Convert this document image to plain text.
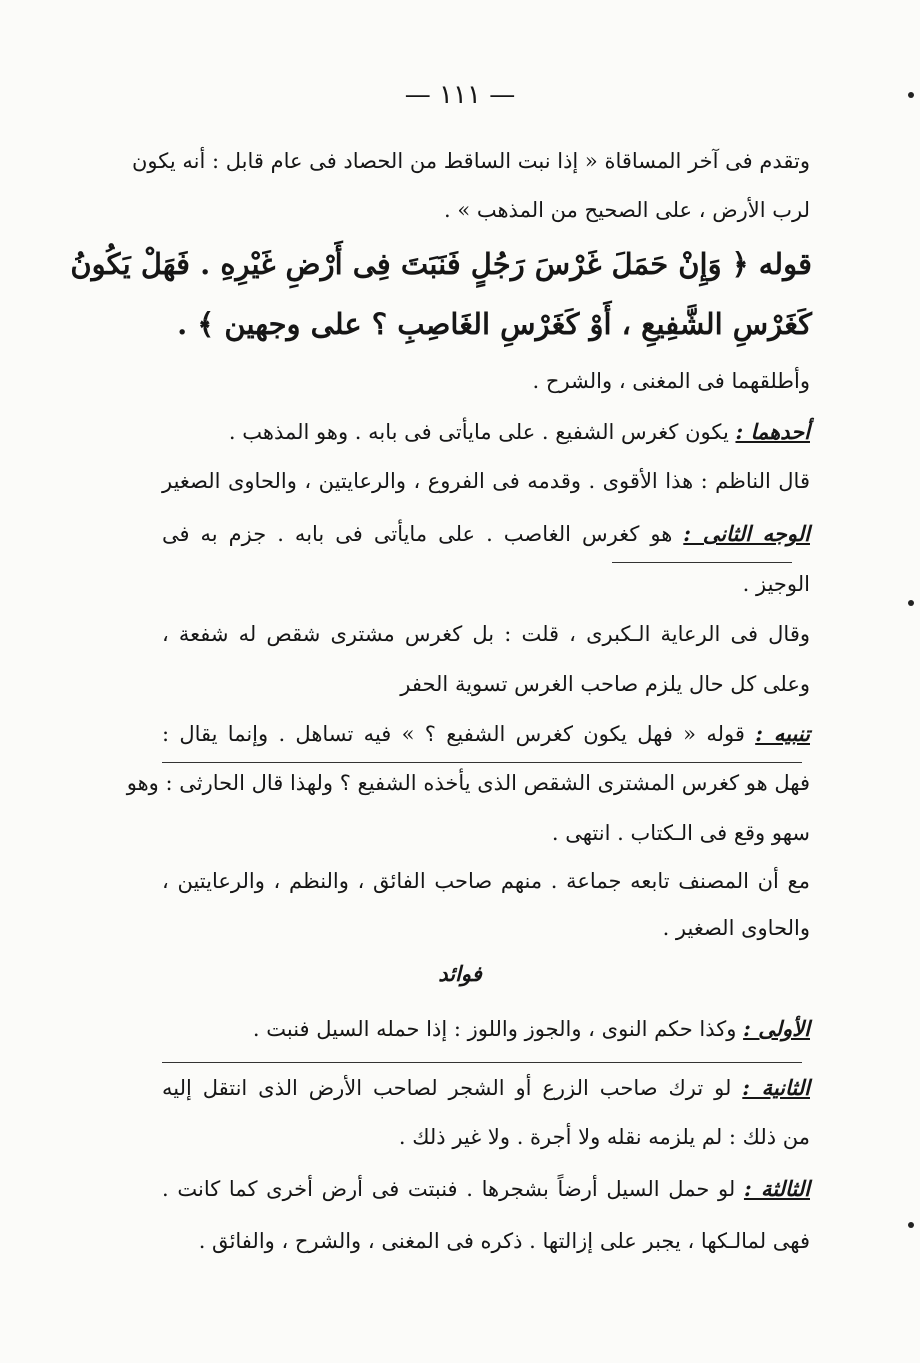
— ١١١ —
وتقدم فى آخر المساقاة « إذا نبت الساقط من الحصاد فى عام قابل : أنه يكون
لرب الأرض ، على الصحيح من المذهب » .
قوله ﴿ وَإِنْ حَمَلَ غَرْسَ رَجُلٍ فَنَبَتَ فِى أَرْضِ غَيْرِهِ . فَهَلْ يَكُونُ
كَغَرْسِ الشَّفِيعِ ، أَوْ كَغَرْسِ الغَاصِبِ ؟ على وجهين ﴾ .
وأطلقهما فى المغنى ، والشرح .
أحدهما : يكون كغرس الشفيع . على مايأتى فى بابه . وهو المذهب .
قال الناظم : هذا الأقوى . وقدمه فى الفروع ، والرعايتين ، والحاوى الصغير
الوجه الثانى : هو كغرس الغاصب . على مايأتى فى بابه . جزم به فى
الوجيز .
وقال فى الرعاية الـكبرى ، قلت : بل كغرس مشترى شقص له شفعة ،
وعلى كل حال يلزم صاحب الغرس تسوية الحفر
تنبيه : قوله « فهل يكون كغرس الشفيع ؟ » فيه تساهل . وإنما يقال :
فهل هو كغرس المشترى الشقص الذى يأخذه الشفيع ؟ ولهذا قال الحارثى : وهو
سهو وقع فى الـكتاب . انتهى .
مع أن المصنف تابعه جماعة . منهم صاحب الفائق ، والنظم ، والرعايتين ،
والحاوى الصغير .
فوائد
الأولى : وكذا حكم النوى ، والجوز واللوز : إذا حمله السيل فنبت .
الثانية : لو ترك صاحب الزرع أو الشجر لصاحب الأرض الذى انتقل إليه
من ذلك : لم يلزمه نقله ولا أجرة . ولا غير ذلك .
الثالثة : لو حمل السيل أرضاً بشجرها . فنبتت فى أرض أخرى كما كانت .
فهى لمالـكها ، يجبر على إزالتها . ذكره فى المغنى ، والشرح ، والفائق .
